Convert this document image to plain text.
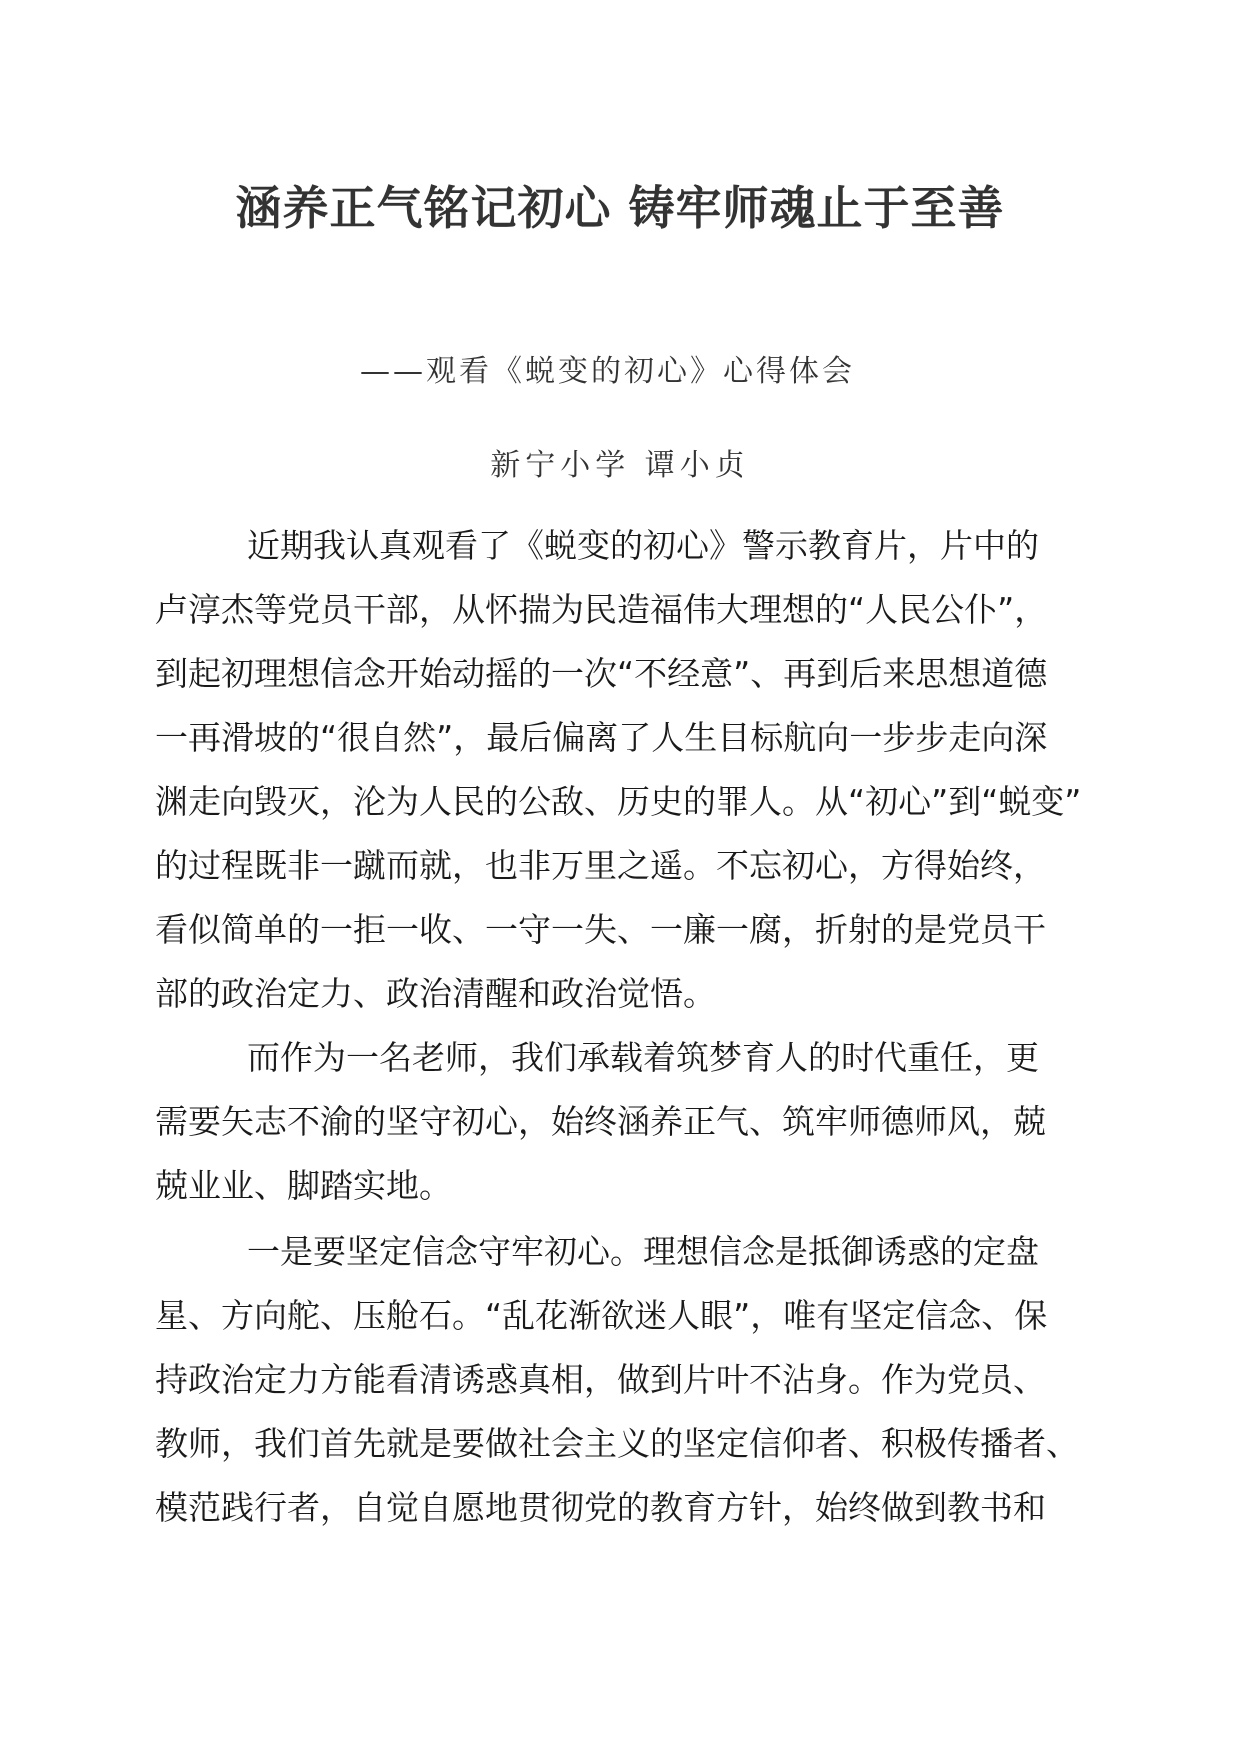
涵养正气铭记初心 铸牢师魂止于至善

——观看《蜕变的初心》心得体会

新宁小学 谭小贞

近期我认真观看了《蜕变的初心》警示教育片，片中的
卢淳杰等党员干部，从怀揣为民造福伟大理想的“人民公仆”，
到起初理想信念开始动摇的一次“不经意”、再到后来思想道德
一再滑坡的“很自然”，最后偏离了人生目标航向一步步走向深
渊走向毁灭，沦为人民的公敌、历史的罪人。从“初心”到“蜕变”
的过程既非一蹴而就，也非万里之遥。不忘初心，方得始终，
看似简单的一拒一收、一守一失、一廉一腐，折射的是党员干
部的政治定力、政治清醒和政治觉悟。
而作为一名老师，我们承载着筑梦育人的时代重任，更
需要矢志不渝的坚守初心，始终涵养正气、筑牢师德师风，兢
兢业业、脚踏实地。
一是要坚定信念守牢初心。理想信念是抵御诱惑的定盘
星、方向舵、压舱石。“乱花渐欲迷人眼”，唯有坚定信念、保
持政治定力方能看清诱惑真相，做到片叶不沾身。作为党员、
教师，我们首先就是要做社会主义的坚定信仰者、积极传播者、
模范践行者，自觉自愿地贯彻党的教育方针，始终做到教书和
